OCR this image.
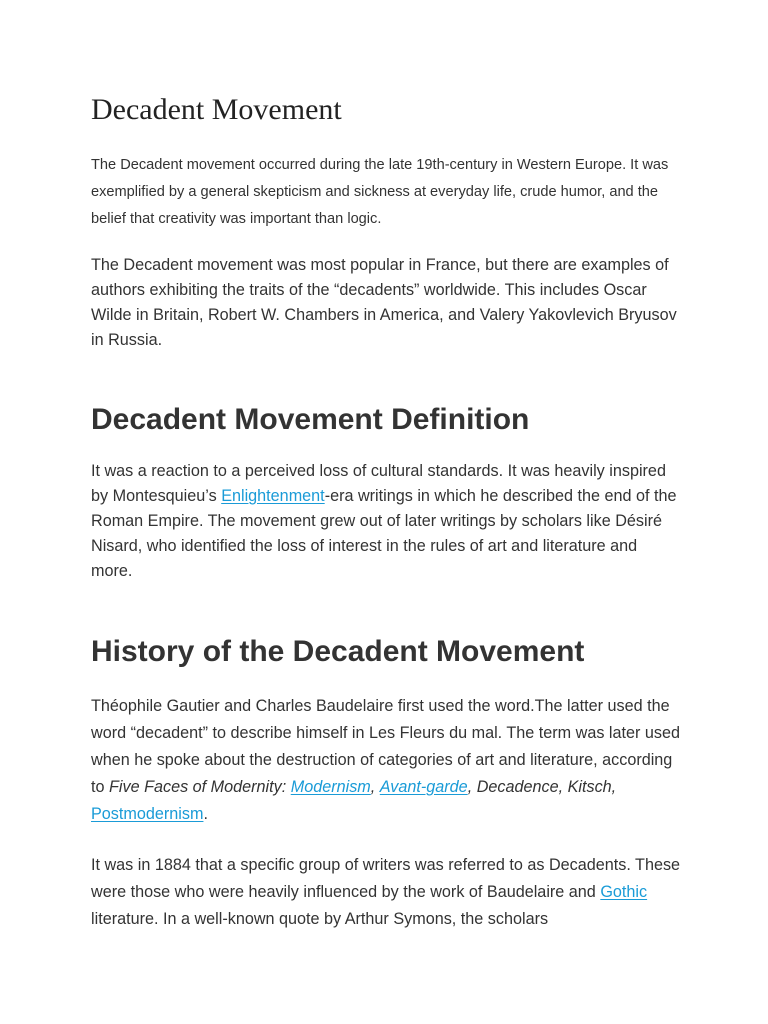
Decadent Movement

The Decadent movement occurred during the late 19th-century in Western Europe. It was exemplified by a general skepticism and sickness at everyday life, crude humor, and the belief that creativity was important than logic.

The Decadent movement was most popular in France, but there are examples of authors exhibiting the traits of the “decadents” worldwide. This includes Oscar Wilde in Britain, Robert W. Chambers in America, and Valery Yakovlevich Bryusov in Russia.

Decadent Movement Definition

It was a reaction to a perceived loss of cultural standards. It was heavily inspired by Montesquieu’s Enlightenment-era writings in which he described the end of the Roman Empire. The movement grew out of later writings by scholars like Désiré Nisard, who identified the loss of interest in the rules of art and literature and more.

History of the Decadent Movement

Théophile Gautier and Charles Baudelaire first used the word.The latter used the word “decadent” to describe himself in Les Fleurs du mal. The term was later used when he spoke about the destruction of categories of art and literature, according to Five Faces of Modernity: Modernism, Avant-garde, Decadence, Kitsch, Postmodernism.

It was in 1884 that a specific group of writers was referred to as Decadents. These were those who were heavily influenced by the work of Baudelaire and Gothic literature. In a well-known quote by Arthur Symons, the scholars
